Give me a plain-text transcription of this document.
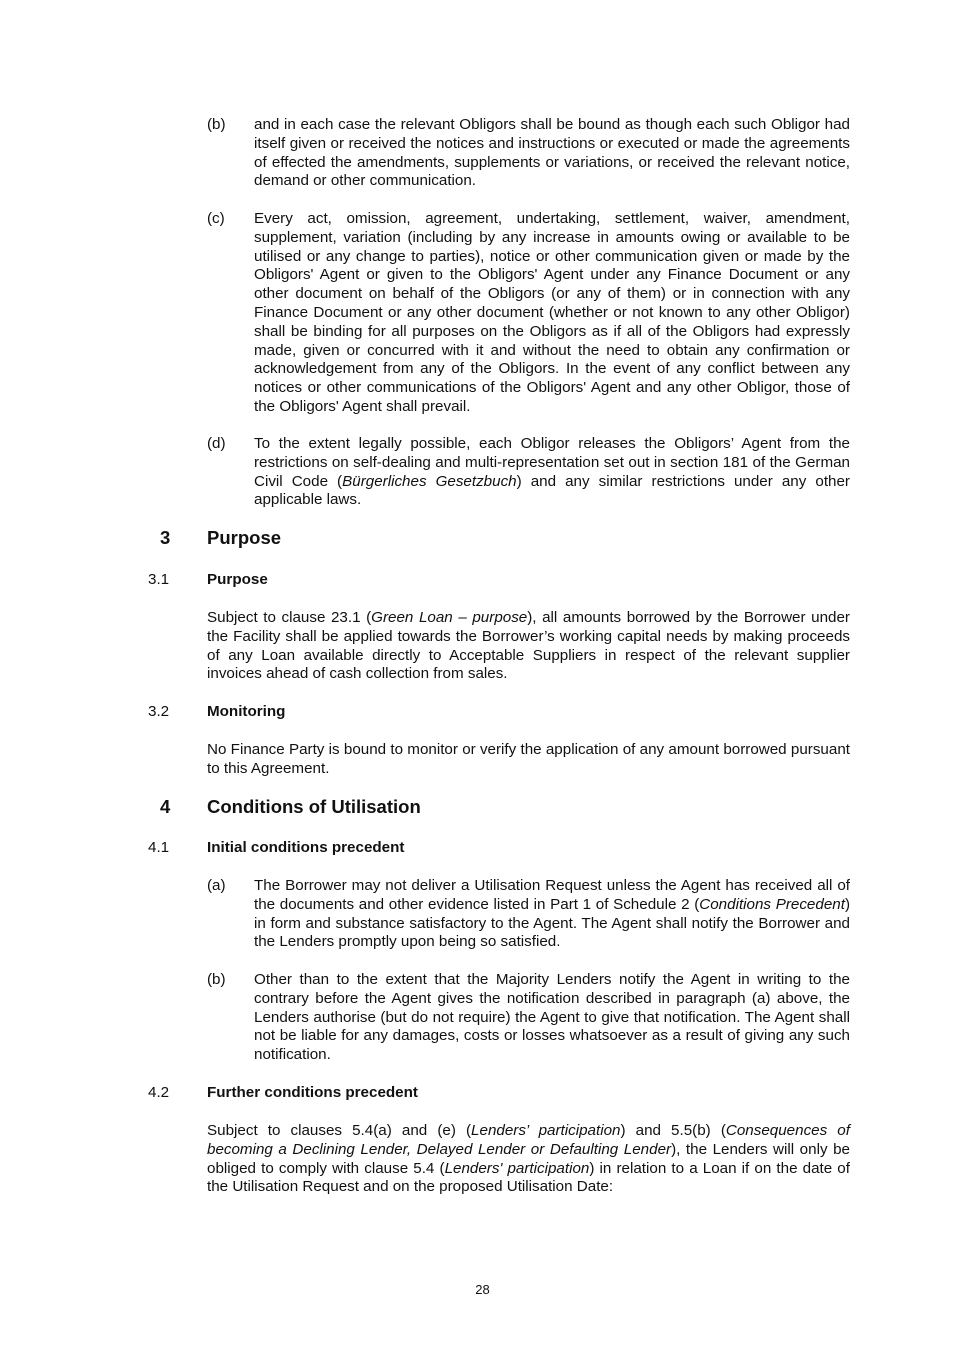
(b) and in each case the relevant Obligors shall be bound as though each such Obligor had itself given or received the notices and instructions or executed or made the agreements of effected the amendments, supplements or variations, or received the relevant notice, demand or other communication.

(c) Every act, omission, agreement, undertaking, settlement, waiver, amendment, supplement, variation (including by any increase in amounts owing or available to be utilised or any change to parties), notice or other communication given or made by the Obligors' Agent or given to the Obligors' Agent under any Finance Document or any other document on behalf of the Obligors (or any of them) or in connection with any Finance Document or any other document (whether or not known to any other Obligor) shall be binding for all purposes on the Obligors as if all of the Obligors had expressly made, given or concurred with it and without the need to obtain any confirmation or acknowledgement from any of the Obligors. In the event of any conflict between any notices or other communications of the Obligors' Agent and any other Obligor, those of the Obligors' Agent shall prevail.

(d) To the extent legally possible, each Obligor releases the Obligors’ Agent from the restrictions on self-dealing and multi-representation set out in section 181 of the German Civil Code (Bürgerliches Gesetzbuch) and any similar restrictions under any other applicable laws.

3 Purpose
3.1 Purpose

Subject to clause 23.1 (Green Loan – purpose), all amounts borrowed by the Borrower under the Facility shall be applied towards the Borrower’s working capital needs by making proceeds of any Loan available directly to Acceptable Suppliers in respect of the relevant supplier invoices ahead of cash collection from sales.

3.2 Monitoring

No Finance Party is bound to monitor or verify the application of any amount borrowed pursuant to this Agreement.

4 Conditions of Utilisation
4.1 Initial conditions precedent
(a) The Borrower may not deliver a Utilisation Request unless the Agent has received all of the documents and other evidence listed in Part 1 of Schedule 2 (Conditions Precedent) in form and substance satisfactory to the Agent. The Agent shall notify the Borrower and the Lenders promptly upon being so satisfied.

(b) Other than to the extent that the Majority Lenders notify the Agent in writing to the contrary before the Agent gives the notification described in paragraph (a) above, the Lenders authorise (but do not require) the Agent to give that notification. The Agent shall not be liable for any damages, costs or losses whatsoever as a result of giving any such notification.

4.2 Further conditions precedent

Subject to clauses 5.4(a) and (e) (Lenders’ participation) and 5.5(b) (Consequences of becoming a Declining Lender, Delayed Lender or Defaulting Lender), the Lenders will only be obliged to comply with clause 5.4 (Lenders' participation) in relation to a Loan if on the date of the Utilisation Request and on the proposed Utilisation Date:

28
